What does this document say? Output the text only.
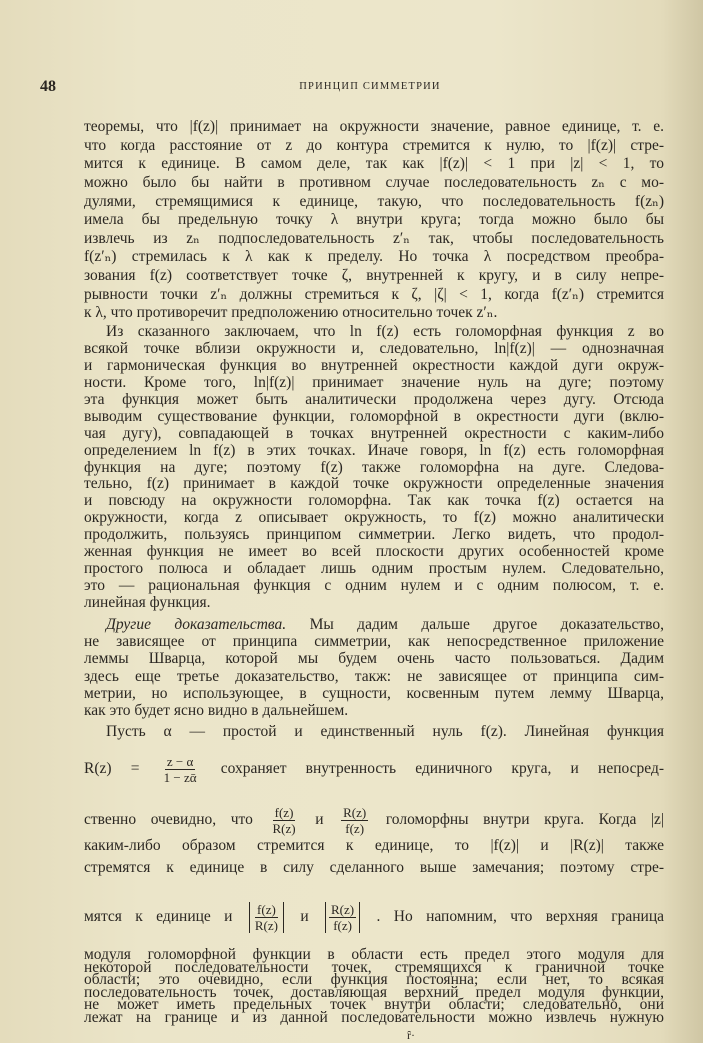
48	ПРИНЦИП СИММЕТРИИ
теоремы, что |f(z)| принимает на окружности значение, равное единице, т. е.
что когда расстояние от z до контура стремится к нулю, то |f(z)| стре-
мится к единице. В самом деле, так как |f(z)| < 1 при |z| < 1, то
можно было бы найти в противном случае последовательность zₙ с мо-
дулями, стремящимися к единице, такую, что последовательность f(zₙ)
имела бы предельную точку λ внутри круга; тогда можно было бы
извлечь из zₙ подпоследовательность z′ₙ так, чтобы последовательность
f(z′ₙ) стремилась к λ как к пределу. Но точка λ посредством преобра-
зования f(z) соответствует точке ζ, внутренней к кругу, и в силу непре-
рывности точки z′ₙ должны стремиться к ζ, |ζ| < 1, когда f(z′ₙ) стремится
к λ, что противоречит предположению относительно точек z′ₙ.
Из сказанного заключаем, что ln f(z) есть голоморфная функция z во
всякой точке вблизи окружности и, следовательно, ln|f(z)| — однозначная
и гармоническая функция во внутренней окрестности каждой дуги окруж-
ности. Кроме того, ln|f(z)| принимает значение нуль на дуге; поэтому
эта функция может быть аналитически продолжена через дугу. Отсюда
выводим существование функции, голоморфной в окрестности дуги (вклю-
чая дугу), совпадающей в точках внутренней окрестности с каким-либо
определением ln f(z) в этих точках. Иначе говоря, ln f(z) есть голоморфная
функция на дуге; поэтому f(z) также голоморфна на дуге. Следова-
тельно, f(z) принимает в каждой точке окружности определенные значения
и повсюду на окружности голоморфна. Так как точка f(z) остается на
окружности, когда z описывает окружность, то f(z) можно аналитически
продолжить, пользуясь принципом симметрии. Легко видеть, что продол-
женная функция не имеет во всей плоскости других особенностей кроме
простого полюса и обладает лишь одним простым нулем. Следовательно,
это — рациональная функция с одним нулем и с одним полюсом, т. е.
линейная функция.
Другие доказательства. Мы дадим дальше другое доказательство,
не зависящее от принципа симметрии, как непосредственное приложение
леммы Шварца, которой мы будем очень часто пользоваться. Дадим
здесь еще третье доказательство, такж: не зависящее от принципа сим-
метрии, но использующее, в сущности, косвенным путем лемму Шварца,
как это будет ясно видно в дальнейшем.
Пусть α — простой и единственный нуль f(z). Линейная функция
$R(z) = \frac{z - \alpha}{\text{1 − zᾱ}}$ сохраняет внутренность единичного круга, и непосред-
ственно очевидно, что $\frac{f(z)}{R(z)}$ и $\frac{R(z)}{f(z)}$ голоморфны внутри круга. Когда |z|
каким-либо образом стремится к единице, то |f(z)| и |R(z)| также
стремятся к единице в силу сделанного выше замечания; поэтому стре-
мятся к единице и $\frac{f(z)}{R(z)}$ и $\frac{R(z)}{f(z)}$ . Но напомним, что верхняя граница
модуля голоморфной функции в области есть предел этого модуля для
некоторой последовательности точек, стремящихся к граничной точке
области; это очевидно, если функция постоянна; если нет, то всякая
последовательность точек, доставляющая верхний предел модуля функции,
не может иметь предельных точек внутри области; следовательно, они
лежат на границе и из данной последовательности можно извлечь нужную
ȓ·
